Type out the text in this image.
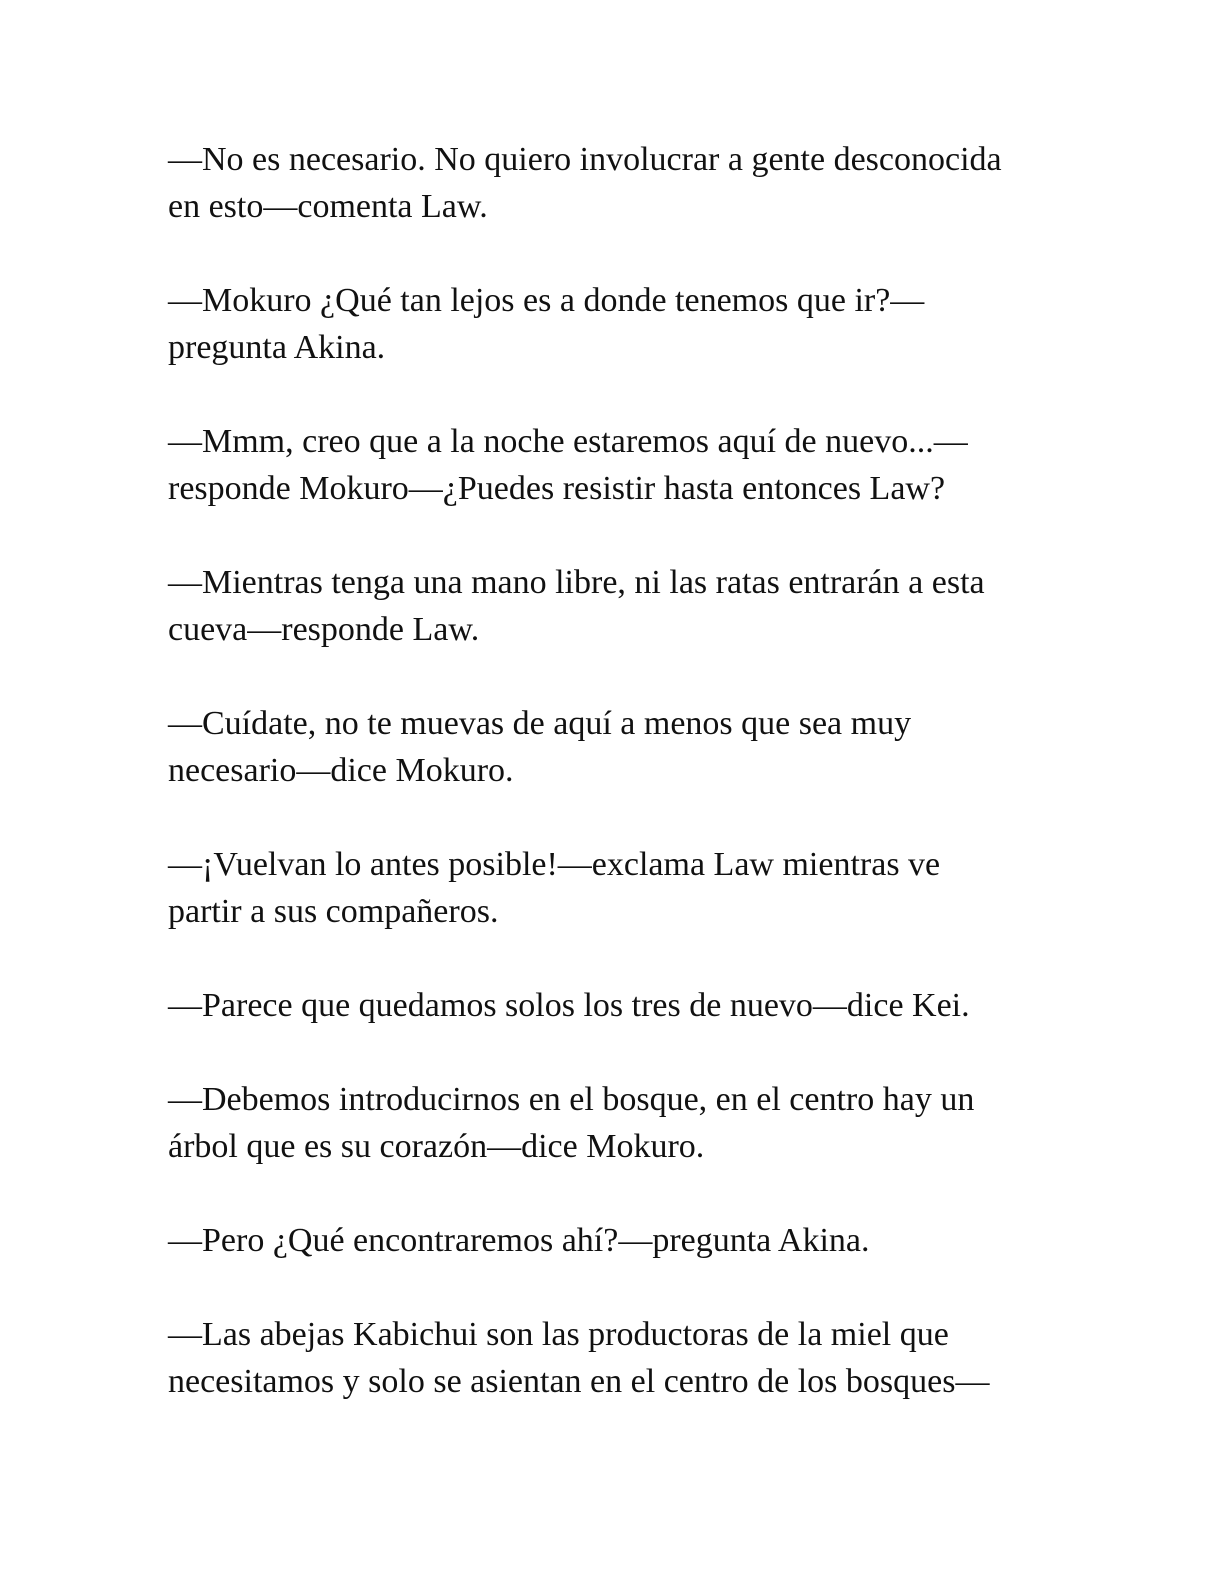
—No es necesario. No quiero involucrar a gente desconocida
en esto—comenta Law.

—Mokuro ¿Qué tan lejos es a donde tenemos que ir?—
pregunta Akina.

—Mmm, creo que a la noche estaremos aquí de nuevo...—
responde Mokuro—¿Puedes resistir hasta entonces Law?

—Mientras tenga una mano libre, ni las ratas entrarán a esta
cueva—responde Law.

—Cuídate, no te muevas de aquí a menos que sea muy
necesario—dice Mokuro.

—¡Vuelvan lo antes posible!—exclama Law mientras ve
partir a sus compañeros.

—Parece que quedamos solos los tres de nuevo—dice Kei.

—Debemos introducirnos en el bosque, en el centro hay un
árbol que es su corazón—dice Mokuro.

—Pero ¿Qué encontraremos ahí?—pregunta Akina.

—Las abejas Kabichui son las productoras de la miel que
necesitamos y solo se asientan en el centro de los bosques—
